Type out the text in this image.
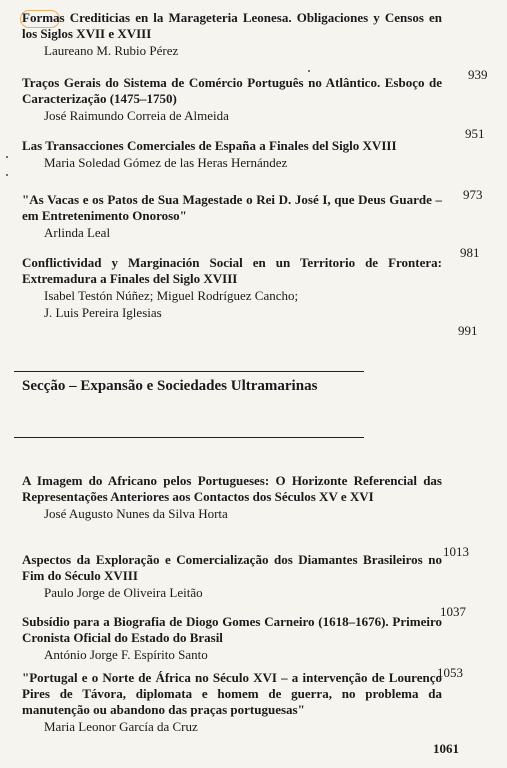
Formas Crediticias en la Marageteria Leonesa. Obligaciones y Censos en los Siglos XVII e XVIII
Laureano M. Rubio Pérez
939
Traços Gerais do Sistema de Comércio Português no Atlântico. Esboço de Caracterização (1475–1750)
José Raimundo Correia de Almeida
951
Las Transacciones Comerciales de España a Finales del Siglo XVIII
Maria Soledad Gómez de las Heras Hernández
973
"As Vacas e os Patos de Sua Magestade o Rei D. José I, que Deus Guarde – em Entretenimento Onoroso"
Arlinda Leal
981
Conflictividad y Marginación Social en un Territorio de Frontera: Extremadura a Finales del Siglo XVIII
Isabel Testón Núñez; Miguel Rodríguez Cancho;
J. Luis Pereira Iglesias
991
Secção – Expansão e Sociedades Ultramarinas
A Imagem do Africano pelos Portugueses: O Horizonte Referencial das Representações Anteriores aos Contactos dos Séculos XV e XVI
José Augusto Nunes da Silva Horta
1013
Aspectos da Exploração e Comercialização dos Diamantes Brasileiros no Fim do Século XVIII
Paulo Jorge de Oliveira Leitão
1037
Subsídio para a Biografia de Diogo Gomes Carneiro (1618–1676). Primeiro Cronista Oficial do Estado do Brasil
António Jorge F. Espírito Santo
1053
"Portugal e o Norte de África no Século XVI – a intervenção de Lourenço Pires de Távora, diplomata e homem de guerra, no problema da manutenção ou abandono das praças portuguesas"
Maria Leonor García da Cruz
1061
